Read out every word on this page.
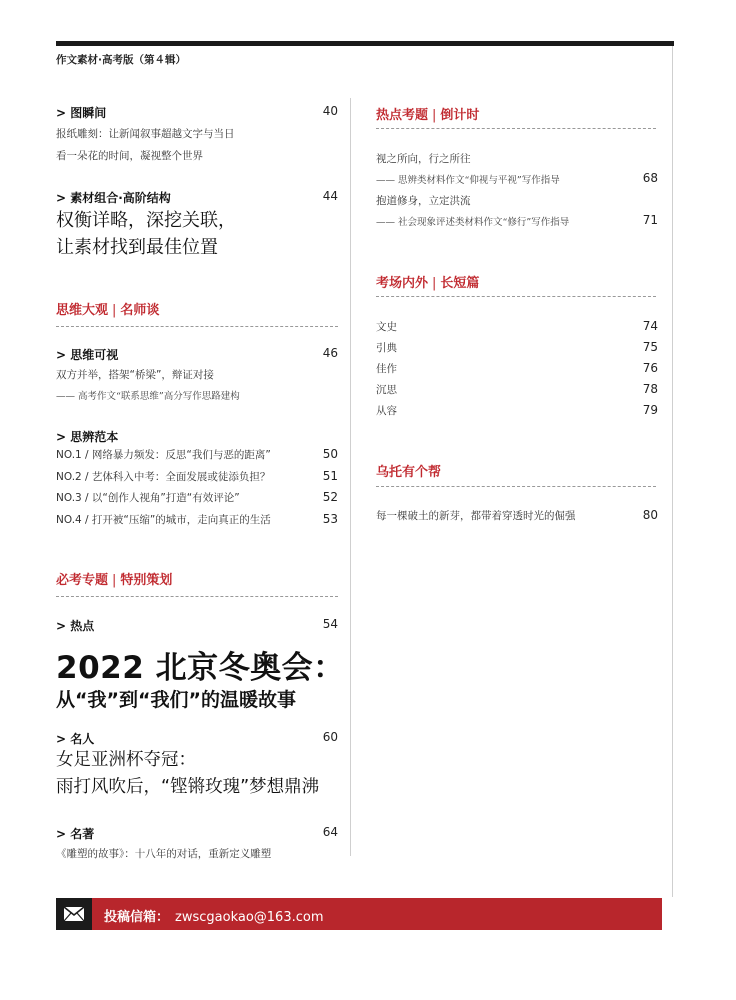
作文素材·高考版（第４辑）
> 图瞬间	40
报纸雕刻：让新闻叙事超越文字与当日
看一朵花的时间，凝视整个世界
> 素材组合·高阶结构	44
权衡详略，深挖关联，
让素材找到最佳位置
思维大观 | 名师谈
> 思维可视	46
双方并举，搭架“桥梁”，辩证对接
—— 高考作文“联系思维”高分写作思路建构
> 思辨范本
NO.1 / 网络暴力频发：反思“我们与恶的距离”	50
NO.2 / 艺体科入中考：全面发展或徒添负担？	51
NO.3 / 以“创作人视角”打造“有效评论”	52
NO.4 / 打开被“压缩”的城市，走向真正的生活	53
必考专题 | 特别策划
> 热点	54
2022 北京冬奥会：
从“我”到“我们”的温暖故事
> 名人	60
女足亚洲杯夺冠：
雨打风吹后，“铿锵玫瑰”梦想鼎沸
> 名著	64
《雕塑的故事》：十八年的对话，重新定义雕塑
热点考题 | 倒计时
视之所向，行之所往
—— 思辨类材料作文“仰视与平视”写作指导	68
抱道修身，立定洪流
—— 社会现象评述类材料作文“修行”写作指导	71
考场内外 | 长短篇
文史	74
引典	75
佳作	76
沉思	78
从容	79
乌托有个帮
每一棵破土的新芽，都带着穿透时光的倔强	80
投稿信箱： zwscgaokao@163.com
